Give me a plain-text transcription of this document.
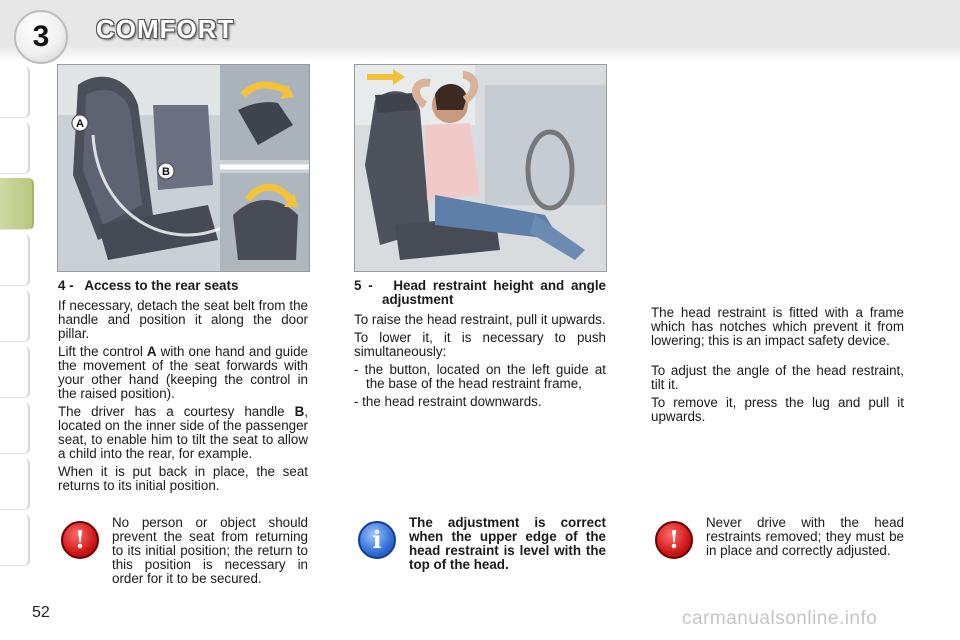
3	COMFORT
A
B

4 - Access to the rear seats

If necessary, detach the seat belt from the handle and position it along the door pillar.

Lift the control A with one hand and guide the movement of the seat forwards with your other hand (keeping the control in the raised position).

The driver has a courtesy handle B, located on the inner side of the passenger seat, to enable him to tilt the seat to allow a child into the rear, for example.

When it is put back in place, the seat returns to its initial position.

5 - Head restraint height and angle adjustment

To raise the head restraint, pull it upwards.

To lower it, it is necessary to push simultaneously:

- the button, located on the left guide at the base of the head restraint frame,

- the head restraint downwards.

The head restraint is fitted with a frame which has notches which prevent it from lowering; this is an impact safety device.

To adjust the angle of the head restraint, tilt it.

To remove it, press the lug and pull it upwards.

!
No person or object should prevent the seat from returning to its initial position; the return to this position is necessary in order for it to be secured.
i
The adjustment is correct when the upper edge of the head restraint is level with the top of the head.
!
Never drive with the head restraints removed; they must be in place and correctly adjusted.
52	carmanualsonline.info
